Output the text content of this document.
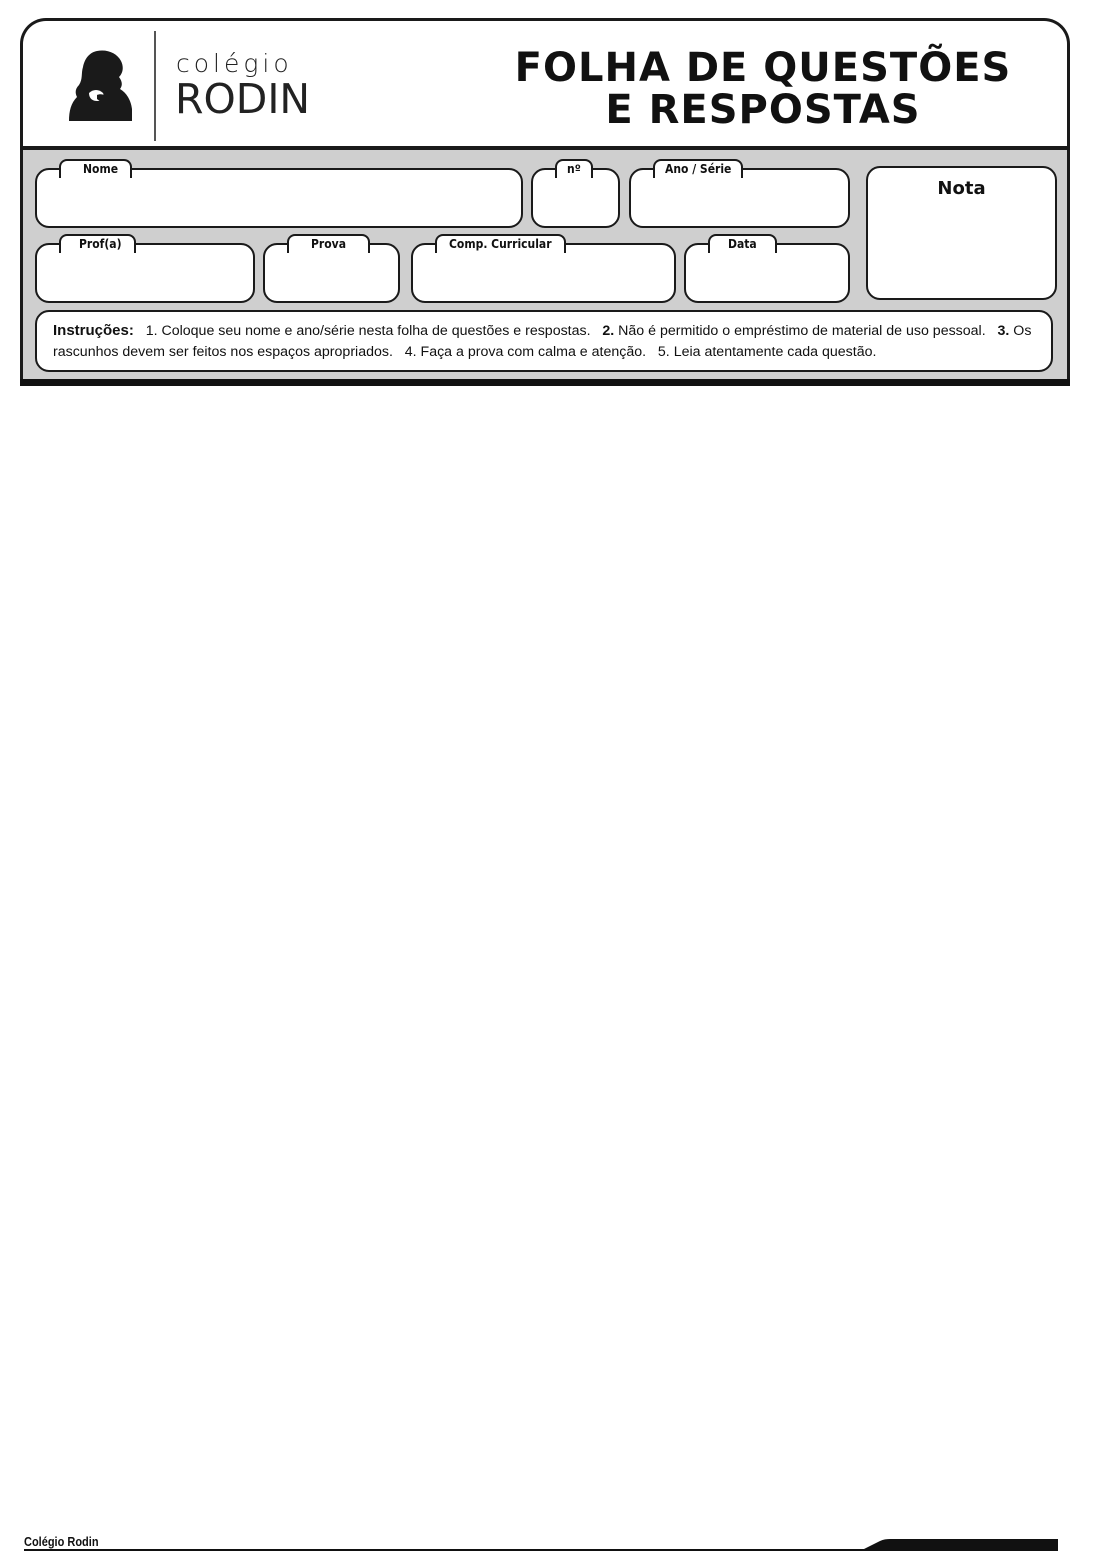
colégio
RODIN
FOLHA DE QUESTÕES
E RESPOSTAS
Nome	nº	Ano / Série
Nota
Prof(a)	Prova	Comp. Curricular	Data
Instruções: 1. Coloque seu nome e ano/série nesta folha de questões e respostas. 2. Não é permitido o empréstimo de material de uso pessoal. 3. Os rascunhos devem ser feitos nos espaços apropriados. 4. Faça a prova com calma e atenção. 5. Leia atentamente cada questão.
Colégio Rodin
